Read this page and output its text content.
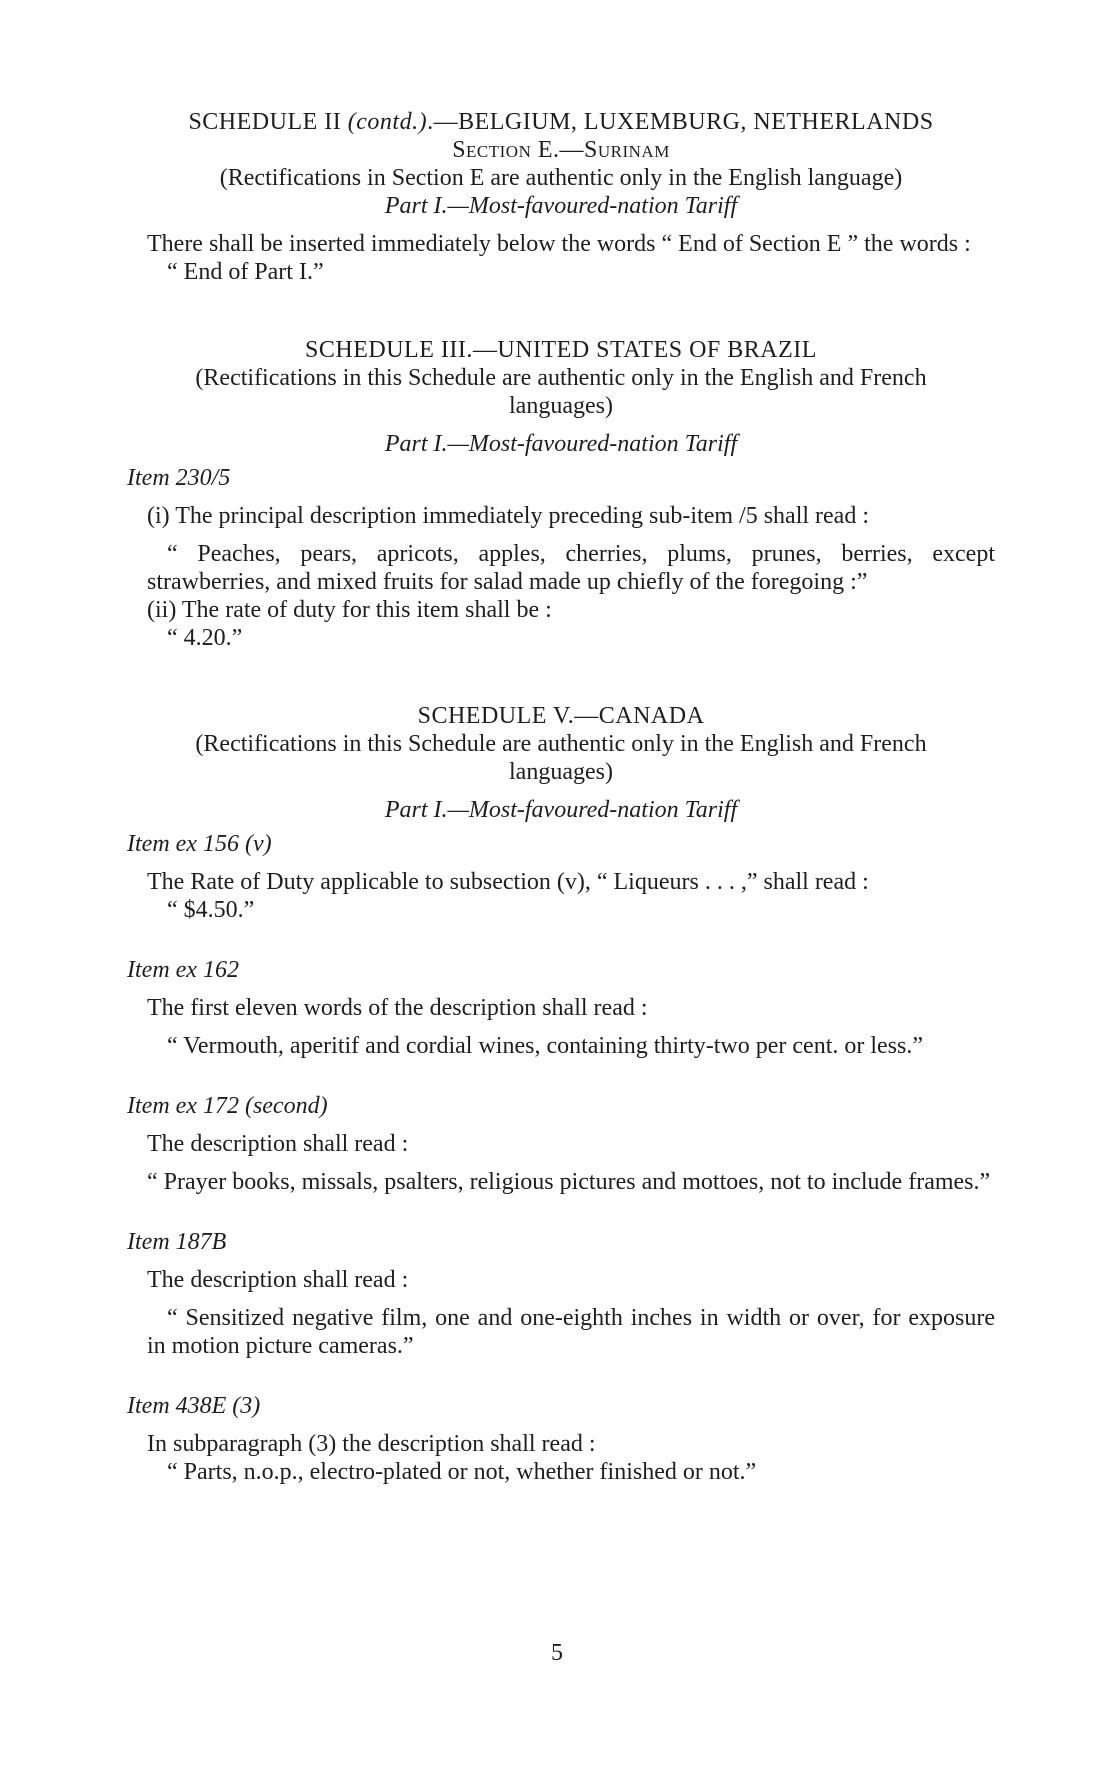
SCHEDULE II (contd.).—BELGIUM, LUXEMBURG, NETHERLANDS

Section E.—Surinam

(Rectifications in Section E are authentic only in the English language)

Part I.—Most-favoured-nation Tariff

There shall be inserted immediately below the words “ End of Section E ” the words :

“ End of Part I.”

SCHEDULE III.—UNITED STATES OF BRAZIL

(Rectifications in this Schedule are authentic only in the English and French languages)

Part I.—Most-favoured-nation Tariff

Item 230/5

(i) The principal description immediately preceding sub-item /5 shall read :

“ Peaches, pears, apricots, apples, cherries, plums, prunes, berries, except strawberries, and mixed fruits for salad made up chiefly of the foregoing :”

(ii) The rate of duty for this item shall be :

“ 4.20.”

SCHEDULE V.—CANADA

(Rectifications in this Schedule are authentic only in the English and French languages)

Part I.—Most-favoured-nation Tariff

Item ex 156 (v)

The Rate of Duty applicable to subsection (v), “ Liqueurs . . . ,” shall read :

“ $4.50.”

Item ex 162

The first eleven words of the description shall read :

“ Vermouth, aperitif and cordial wines, containing thirty-two per cent. or less.”

Item ex 172 (second)

The description shall read :

“ Prayer books, missals, psalters, religious pictures and mottoes, not to include frames.”

Item 187B

The description shall read :

“ Sensitized negative film, one and one-eighth inches in width or over, for exposure in motion picture cameras.”

Item 438E (3)

In subparagraph (3) the description shall read :

“ Parts, n.o.p., electro-plated or not, whether finished or not.”

5
